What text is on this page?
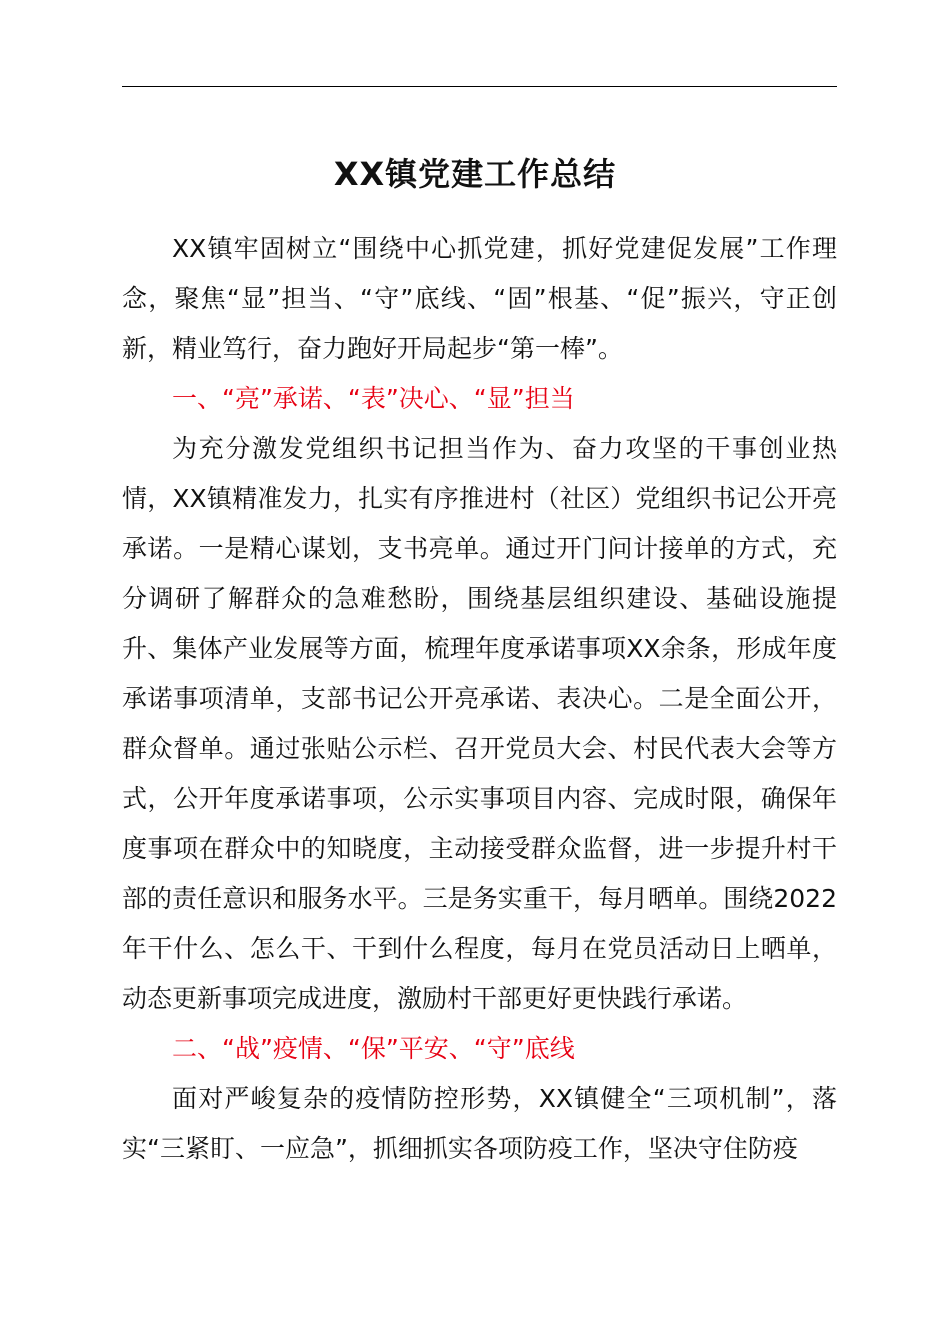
XX镇党建工作总结

XX镇牢固树立“围绕中心抓党建，抓好党建促发展”工作理念，聚焦“显”担当、“守”底线、“固”根基、“促”振兴，守正创新，精业笃行，奋力跑好开局起步“第一棒”。

一、“亮”承诺、“表”决心、“显”担当

为充分激发党组织书记担当作为、奋力攻坚的干事创业热情，XX镇精准发力，扎实有序推进村（社区）党组织书记公开亮承诺。一是精心谋划，支书亮单。通过开门问计接单的方式，充分调研了解群众的急难愁盼，围绕基层组织建设、基础设施提升、集体产业发展等方面，梳理年度承诺事项XX余条，形成年度承诺事项清单，支部书记公开亮承诺、表决心。二是全面公开，群众督单。通过张贴公示栏、召开党员大会、村民代表大会等方式，公开年度承诺事项，公示实事项目内容、完成时限，确保年度事项在群众中的知晓度，主动接受群众监督，进一步提升村干部的责任意识和服务水平。三是务实重干，每月晒单。围绕2022年干什么、怎么干、干到什么程度，每月在党员活动日上晒单，动态更新事项完成进度，激励村干部更好更快践行承诺。

二、“战”疫情、“保”平安、“守”底线

面对严峻复杂的疫情防控形势，XX镇健全“三项机制”，落实“三紧盯、一应急”，抓细抓实各项防疫工作，坚决守住防疫
